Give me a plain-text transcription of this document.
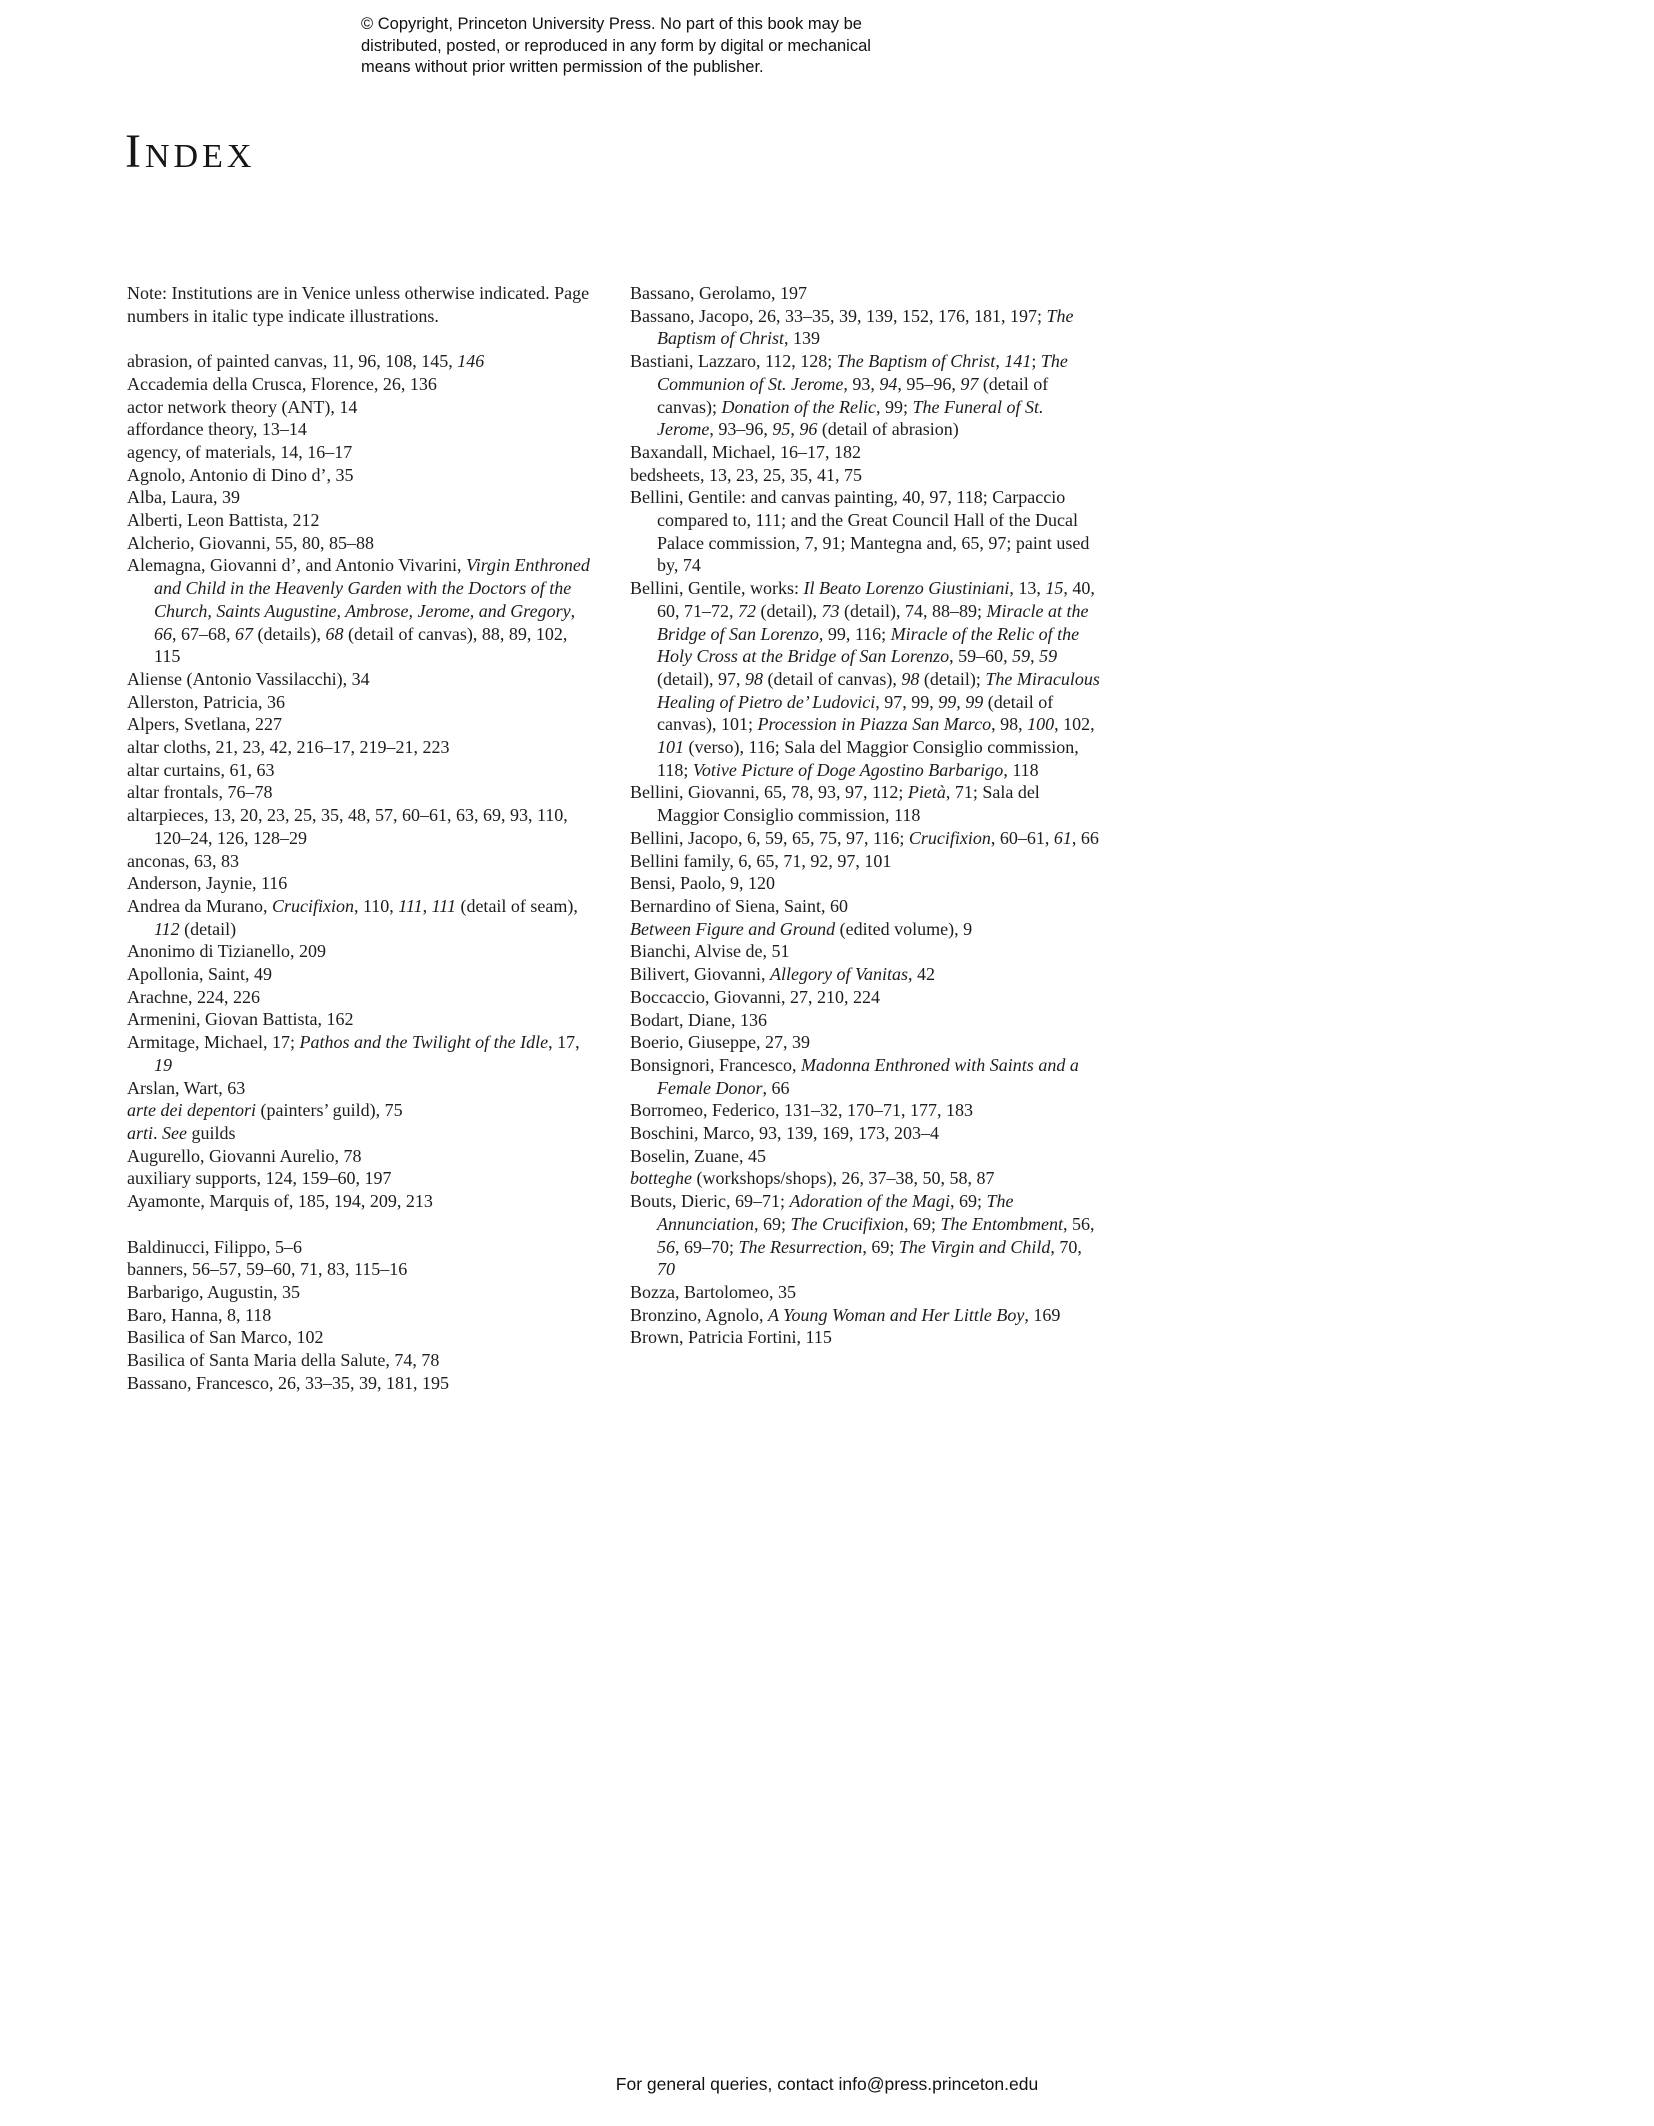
© Copyright, Princeton University Press. No part of this book may be
distributed, posted, or reproduced in any form by digital or mechanical
means without prior written permission of the publisher.
Index

Note: Institutions are in Venice unless otherwise indicated. Page numbers in italic type indicate illustrations.

abrasion, of painted canvas, 11, 96, 108, 145, 146

Accademia della Crusca, Florence, 26, 136

actor network theory (ANT), 14

affordance theory, 13–14

agency, of materials, 14, 16–17

Agnolo, Antonio di Dino d’, 35

Alba, Laura, 39

Alberti, Leon Battista, 212

Alcherio, Giovanni, 55, 80, 85–88

Alemagna, Giovanni d’, and Antonio Vivarini, Virgin Enthroned and Child in the Heavenly Garden with the Doctors of the Church, Saints Augustine, Ambrose, Jerome, and Gregory, 66, 67–68, 67 (details), 68 (detail of canvas), 88, 89, 102, 115

Aliense (Antonio Vassilacchi), 34

Allerston, Patricia, 36

Alpers, Svetlana, 227

altar cloths, 21, 23, 42, 216–17, 219–21, 223

altar curtains, 61, 63

altar frontals, 76–78

altarpieces, 13, 20, 23, 25, 35, 48, 57, 60–61, 63, 69, 93, 110, 120–24, 126, 128–29

anconas, 63, 83

Anderson, Jaynie, 116

Andrea da Murano, Crucifixion, 110, 111, 111 (detail of seam), 112 (detail)

Anonimo di Tizianello, 209

Apollonia, Saint, 49

Arachne, 224, 226

Armenini, Giovan Battista, 162

Armitage, Michael, 17; Pathos and the Twilight of the Idle, 17, 19

Arslan, Wart, 63

arte dei depentori (painters’ guild), 75

arti. See guilds

Augurello, Giovanni Aurelio, 78

auxiliary supports, 124, 159–60, 197

Ayamonte, Marquis of, 185, 194, 209, 213

Baldinucci, Filippo, 5–6

banners, 56–57, 59–60, 71, 83, 115–16

Barbarigo, Augustin, 35

Baro, Hanna, 8, 118

Basilica of San Marco, 102

Basilica of Santa Maria della Salute, 74, 78

Bassano, Francesco, 26, 33–35, 39, 181, 195

Bassano, Gerolamo, 197

Bassano, Jacopo, 26, 33–35, 39, 139, 152, 176, 181, 197; The Baptism of Christ, 139

Bastiani, Lazzaro, 112, 128; The Baptism of Christ, 141; The Communion of St. Jerome, 93, 94, 95–96, 97 (detail of canvas); Donation of the Relic, 99; The Funeral of St. Jerome, 93–96, 95, 96 (detail of abrasion)

Baxandall, Michael, 16–17, 182

bedsheets, 13, 23, 25, 35, 41, 75

Bellini, Gentile: and canvas painting, 40, 97, 118; Carpaccio compared to, 111; and the Great Council Hall of the Ducal Palace commission, 7, 91; Mantegna and, 65, 97; paint used by, 74

Bellini, Gentile, works: Il Beato Lorenzo Giustiniani, 13, 15, 40, 60, 71–72, 72 (detail), 73 (detail), 74, 88–89; Miracle at the Bridge of San Lorenzo, 99, 116; Miracle of the Relic of the Holy Cross at the Bridge of San Lorenzo, 59–60, 59, 59 (detail), 97, 98 (detail of canvas), 98 (detail); The Miraculous Healing of Pietro de’ Ludovici, 97, 99, 99, 99 (detail of canvas), 101; Procession in Piazza San Marco, 98, 100, 102, 101 (verso), 116; Sala del Maggior Consiglio commission, 118; Votive Picture of Doge Agostino Barbarigo, 118

Bellini, Giovanni, 65, 78, 93, 97, 112; Pietà, 71; Sala del Maggior Consiglio commission, 118

Bellini, Jacopo, 6, 59, 65, 75, 97, 116; Crucifixion, 60–61, 61, 66

Bellini family, 6, 65, 71, 92, 97, 101

Bensi, Paolo, 9, 120

Bernardino of Siena, Saint, 60

Between Figure and Ground (edited volume), 9

Bianchi, Alvise de, 51

Bilivert, Giovanni, Allegory of Vanitas, 42

Boccaccio, Giovanni, 27, 210, 224

Bodart, Diane, 136

Boerio, Giuseppe, 27, 39

Bonsignori, Francesco, Madonna Enthroned with Saints and a Female Donor, 66

Borromeo, Federico, 131–32, 170–71, 177, 183

Boschini, Marco, 93, 139, 169, 173, 203–4

Boselin, Zuane, 45

botteghe (workshops/shops), 26, 37–38, 50, 58, 87

Bouts, Dieric, 69–71; Adoration of the Magi, 69; The Annunciation, 69; The Crucifixion, 69; The Entombment, 56, 56, 69–70; The Resurrection, 69; The Virgin and Child, 70, 70

Bozza, Bartolomeo, 35

Bronzino, Agnolo, A Young Woman and Her Little Boy, 169

Brown, Patricia Fortini, 115

For general queries, contact info@press.princeton.edu
